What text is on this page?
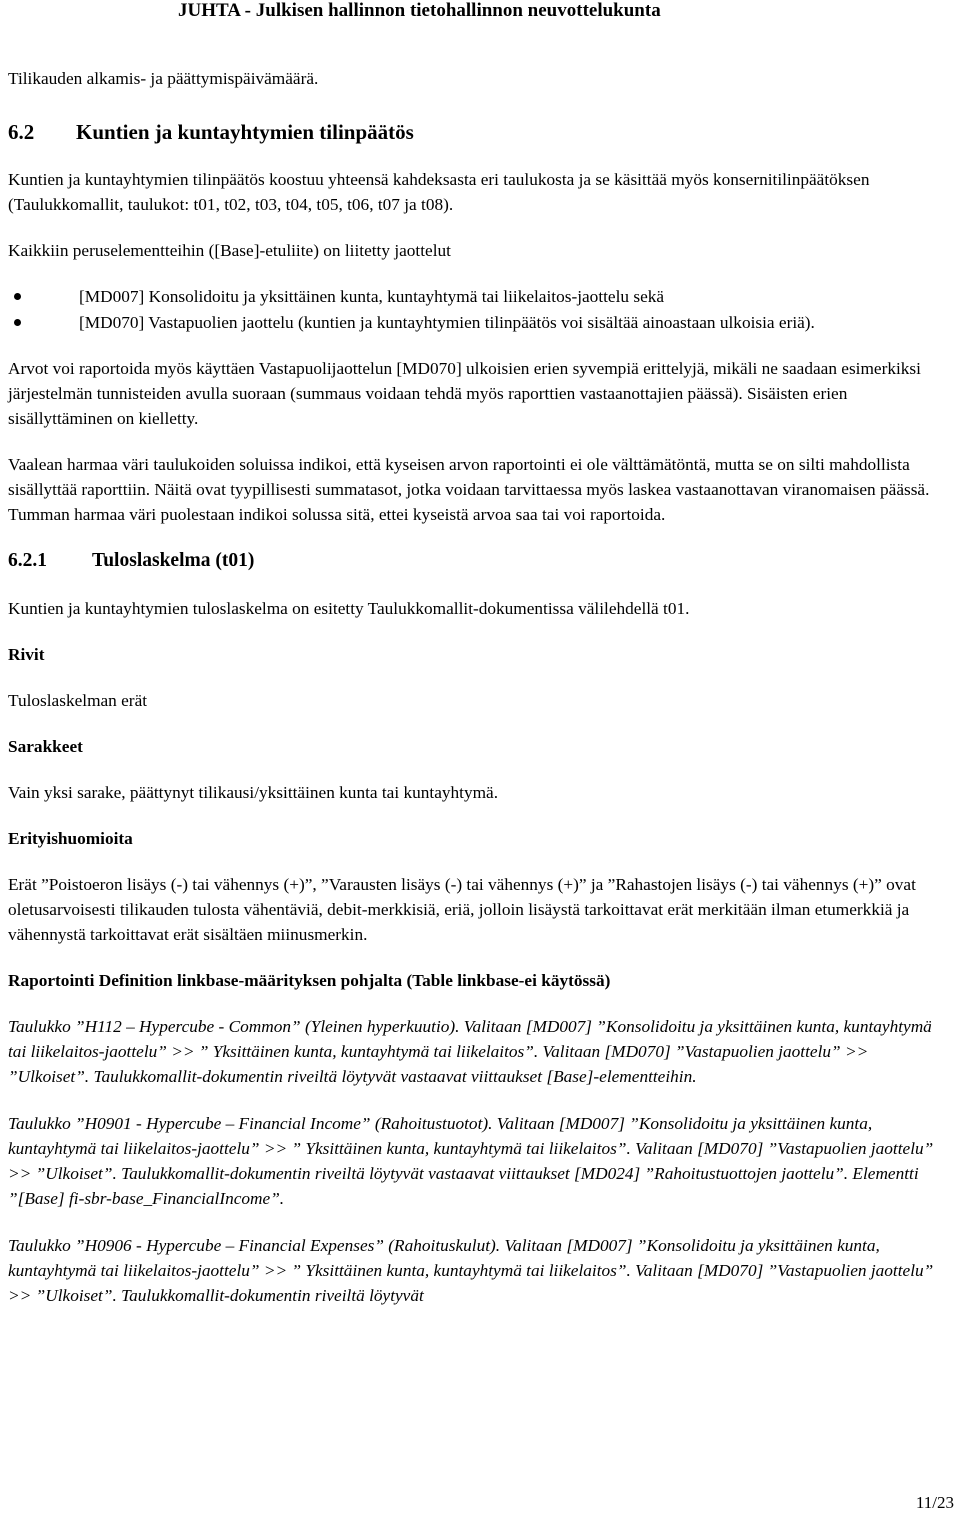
JUHTA - Julkisen hallinnon tietohallinnon neuvottelukunta

Tilikauden alkamis- ja päättymispäivämäärä.

6.2 Kuntien ja kuntayhtymien tilinpäätös

Kuntien ja kuntayhtymien tilinpäätös koostuu yhteensä kahdeksasta eri taulukosta ja se käsittää myös konsernitilinpäätöksen (Taulukkomallit, taulukot: t01, t02, t03, t04, t05, t06, t07 ja t08).

Kaikkiin peruselementteihin ([Base]-etuliite) on liitetty jaottelut

[MD007] Konsolidoitu ja yksittäinen kunta, kuntayhtymä tai liikelaitos-jaottelu sekä
[MD070] Vastapuolien jaottelu (kuntien ja kuntayhtymien tilinpäätös voi sisältää ainoastaan ulkoisia eriä).

Arvot voi raportoida myös käyttäen Vastapuolijaottelun [MD070] ulkoisien erien syvempiä erittelyjä, mikäli ne saadaan esimerkiksi järjestelmän tunnisteiden avulla suoraan (summaus voidaan tehdä myös raporttien vastaanottajien päässä). Sisäisten erien sisällyttäminen on kielletty.

Vaalean harmaa väri taulukoiden soluissa indikoi, että kyseisen arvon raportointi ei ole välttämätöntä, mutta se on silti mahdollista sisällyttää raporttiin. Näitä ovat tyypillisesti summatasot, jotka voidaan tarvittaessa myös laskea vastaanottavan viranomaisen päässä. Tumman harmaa väri puolestaan indikoi solussa sitä, ettei kyseistä arvoa saa tai voi raportoida.

6.2.1 Tuloslaskelma (t01)

Kuntien ja kuntayhtymien tuloslaskelma on esitetty Taulukkomallit-dokumentissa välilehdellä t01.

Rivit

Tuloslaskelman erät

Sarakkeet

Vain yksi sarake, päättynyt tilikausi/yksittäinen kunta tai kuntayhtymä.

Erityishuomioita

Erät ”Poistoeron lisäys (-) tai vähennys (+)”, ”Varausten lisäys (-) tai vähennys (+)” ja ”Rahastojen lisäys (-) tai vähennys (+)” ovat oletusarvoisesti tilikauden tulosta vähentäviä, debit-merkkisiä, eriä, jolloin lisäystä tarkoittavat erät merkitään ilman etumerkkiä ja vähennystä tarkoittavat erät sisältäen miinusmerkin.

Raportointi Definition linkbase-määrityksen pohjalta (Table linkbase-ei käytössä)

Taulukko ”H112 – Hypercube - Common” (Yleinen hyperkuutio). Valitaan [MD007] ”Konsolidoitu ja yksittäinen kunta, kuntayhtymä tai liikelaitos-jaottelu” >> ” Yksittäinen kunta, kuntayhtymä tai liikelaitos”. Valitaan [MD070] ”Vastapuolien jaottelu” >> ”Ulkoiset”. Taulukkomallit-dokumentin riveiltä löytyvät vastaavat viittaukset [Base]-elementteihin.

Taulukko ”H0901 - Hypercube – Financial Income” (Rahoitustuotot). Valitaan [MD007] ”Konsolidoitu ja yksittäinen kunta, kuntayhtymä tai liikelaitos-jaottelu” >> ” Yksittäinen kunta, kuntayhtymä tai liikelaitos”. Valitaan [MD070] ”Vastapuolien jaottelu” >> ”Ulkoiset”. Taulukkomallit-dokumentin riveiltä löytyvät vastaavat viittaukset [MD024] ”Rahoitustuottojen jaottelu”. Elementti ”[Base] fi-sbr-base_FinancialIncome”.

Taulukko ”H0906 - Hypercube – Financial Expenses” (Rahoituskulut). Valitaan [MD007] ”Konsolidoitu ja yksittäinen kunta, kuntayhtymä tai liikelaitos-jaottelu” >> ” Yksittäinen kunta, kuntayhtymä tai liikelaitos”. Valitaan [MD070] ”Vastapuolien jaottelu” >> ”Ulkoiset”. Taulukkomallit-dokumentin riveiltä löytyvät

11/23
